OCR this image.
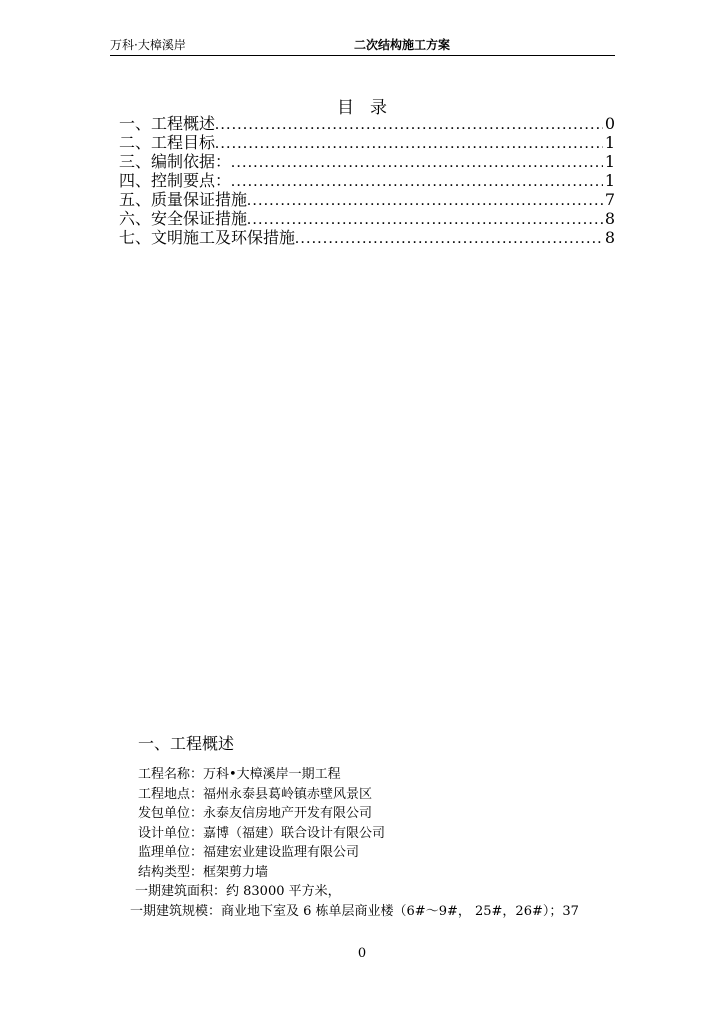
万科·大樟溪岸	二次结构施工方案
目录
一、工程概述 . . .	0
二、工程目标 . . .	1
三、编制依据： . . .	1
四、控制要点： . . .	1
五、质量保证措施 . . .	7
六、安全保证措施 . . .	8
七、文明施工及环保措施 . . .	8
一、工程概述
工程名称：万科•大樟溪岸一期工程
工程地点：福州永泰县葛岭镇赤壁风景区
发包单位：永泰友信房地产开发有限公司
设计单位：嘉博（福建）联合设计有限公司
监理单位：福建宏业建设监理有限公司
结构类型：框架剪力墙
一期建筑面积：约 83000 平方米，
一期建筑规模：商业地下室及 6 栋单层商业楼（6#～9#， 25#，26#）；37
0
